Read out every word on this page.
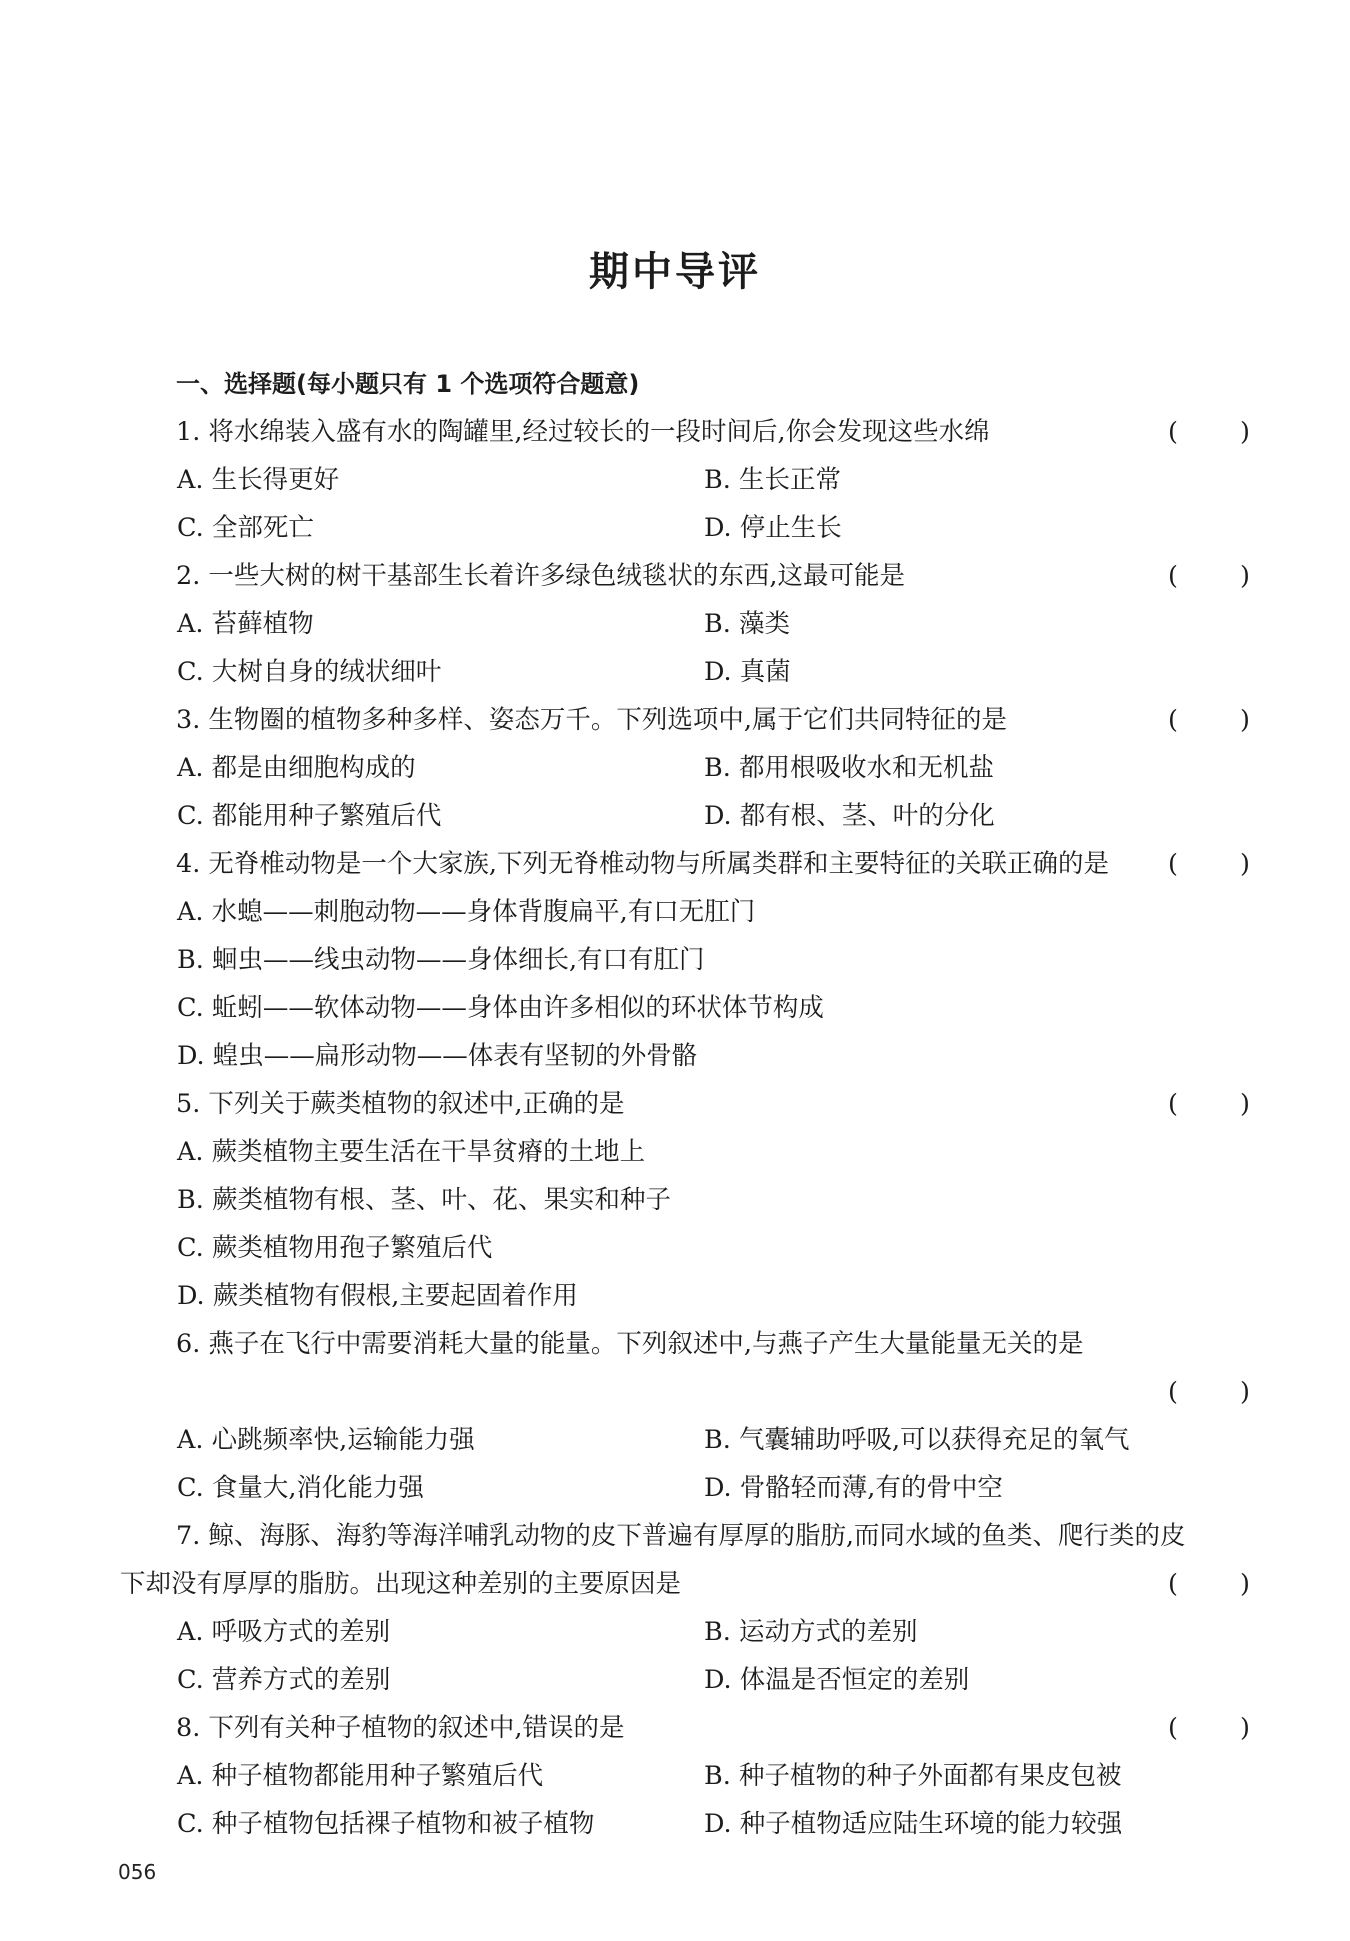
期中导评
一、选择题(每小题只有 1 个选项符合题意)
1. 将水绵装入盛有水的陶罐里,经过较长的一段时间后,你会发现这些水绵	( )
A. 生长得更好	B. 生长正常
C. 全部死亡	D. 停止生长
2. 一些大树的树干基部生长着许多绿色绒毯状的东西,这最可能是	( )
A. 苔藓植物	B. 藻类
C. 大树自身的绒状细叶	D. 真菌
3. 生物圈的植物多种多样、姿态万千。下列选项中,属于它们共同特征的是	( )
A. 都是由细胞构成的	B. 都用根吸收水和无机盐
C. 都能用种子繁殖后代	D. 都有根、茎、叶的分化
4. 无脊椎动物是一个大家族,下列无脊椎动物与所属类群和主要特征的关联正确的是	( )
A. 水螅——刺胞动物——身体背腹扁平,有口无肛门
B. 蛔虫——线虫动物——身体细长,有口有肛门
C. 蚯蚓——软体动物——身体由许多相似的环状体节构成
D. 蝗虫——扁形动物——体表有坚韧的外骨骼
5. 下列关于蕨类植物的叙述中,正确的是	( )
A. 蕨类植物主要生活在干旱贫瘠的土地上
B. 蕨类植物有根、茎、叶、花、果实和种子
C. 蕨类植物用孢子繁殖后代
D. 蕨类植物有假根,主要起固着作用
6. 燕子在飞行中需要消耗大量的能量。下列叙述中,与燕子产生大量能量无关的是
( )
A. 心跳频率快,运输能力强	B. 气囊辅助呼吸,可以获得充足的氧气
C. 食量大,消化能力强	D. 骨骼轻而薄,有的骨中空
7. 鲸、海豚、海豹等海洋哺乳动物的皮下普遍有厚厚的脂肪,而同水域的鱼类、爬行类的皮
下却没有厚厚的脂肪。出现这种差别的主要原因是	( )
A. 呼吸方式的差别	B. 运动方式的差别
C. 营养方式的差别	D. 体温是否恒定的差别
8. 下列有关种子植物的叙述中,错误的是	( )
A. 种子植物都能用种子繁殖后代	B. 种子植物的种子外面都有果皮包被
C. 种子植物包括裸子植物和被子植物	D. 种子植物适应陆生环境的能力较强
056
